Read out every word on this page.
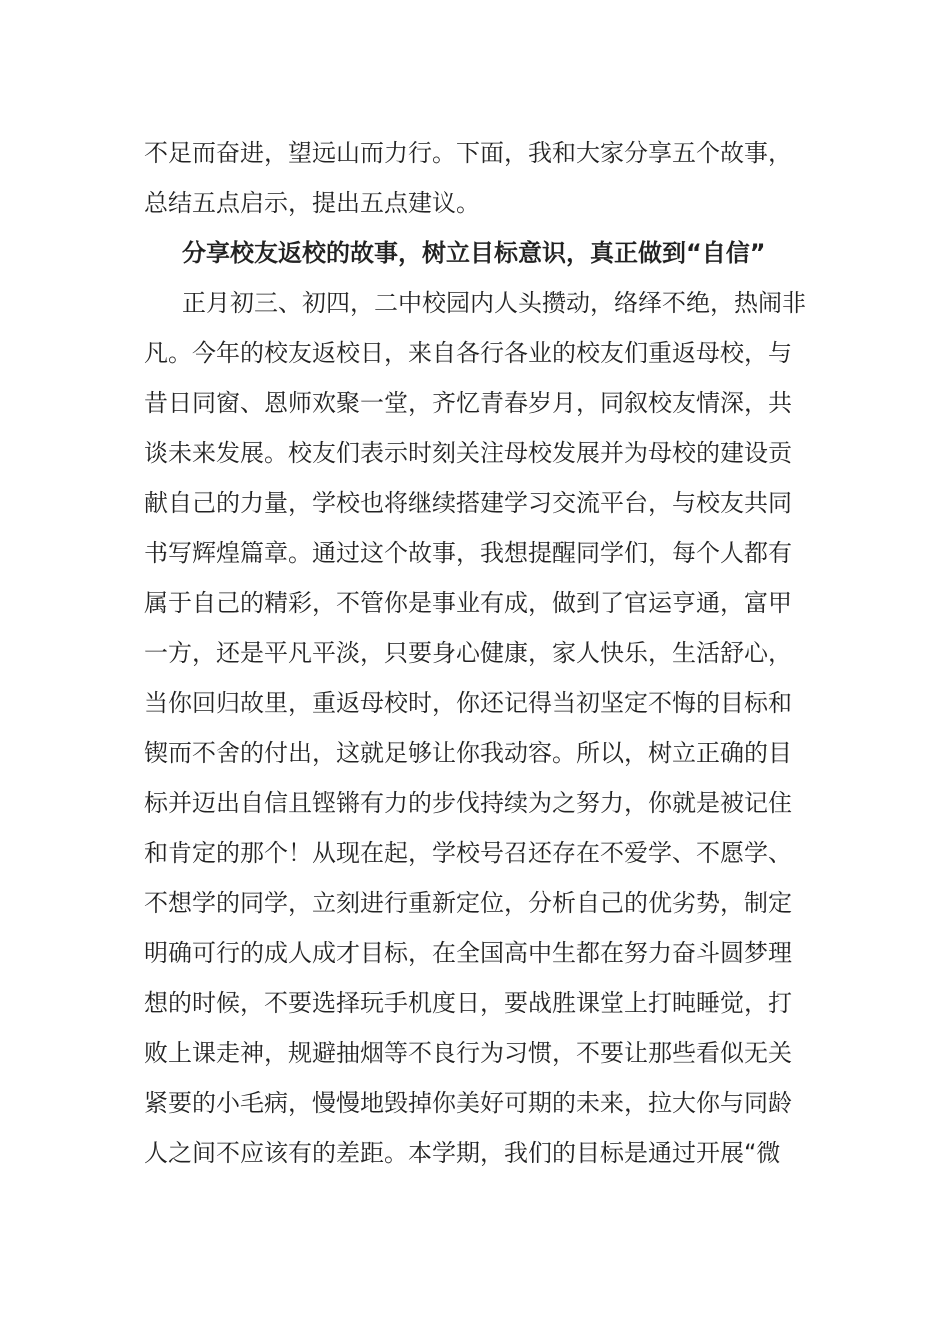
不足而奋进，望远山而力行。下面，我和大家分享五个故事，
总结五点启示，提出五点建议。
分享校友返校的故事，树立目标意识，真正做到“自信”
正月初三、初四，二中校园内人头攒动，络绎不绝，热闹非
凡。今年的校友返校日，来自各行各业的校友们重返母校，与
昔日同窗、恩师欢聚一堂，齐忆青春岁月，同叙校友情深，共
谈未来发展。校友们表示时刻关注母校发展并为母校的建设贡
献自己的力量，学校也将继续搭建学习交流平台，与校友共同
书写辉煌篇章。通过这个故事，我想提醒同学们，每个人都有
属于自己的精彩，不管你是事业有成，做到了官运亨通，富甲
一方，还是平凡平淡，只要身心健康，家人快乐，生活舒心，
当你回归故里，重返母校时，你还记得当初坚定不悔的目标和
锲而不舍的付出，这就足够让你我动容。所以，树立正确的目
标并迈出自信且铿锵有力的步伐持续为之努力，你就是被记住
和肯定的那个！从现在起，学校号召还存在不爱学、不愿学、
不想学的同学，立刻进行重新定位，分析自己的优劣势，制定
明确可行的成人成才目标，在全国高中生都在努力奋斗圆梦理
想的时候，不要选择玩手机度日，要战胜课堂上打盹睡觉，打
败上课走神，规避抽烟等不良行为习惯，不要让那些看似无关
紧要的小毛病，慢慢地毁掉你美好可期的未来，拉大你与同龄
人之间不应该有的差距。本学期，我们的目标是通过开展“微
